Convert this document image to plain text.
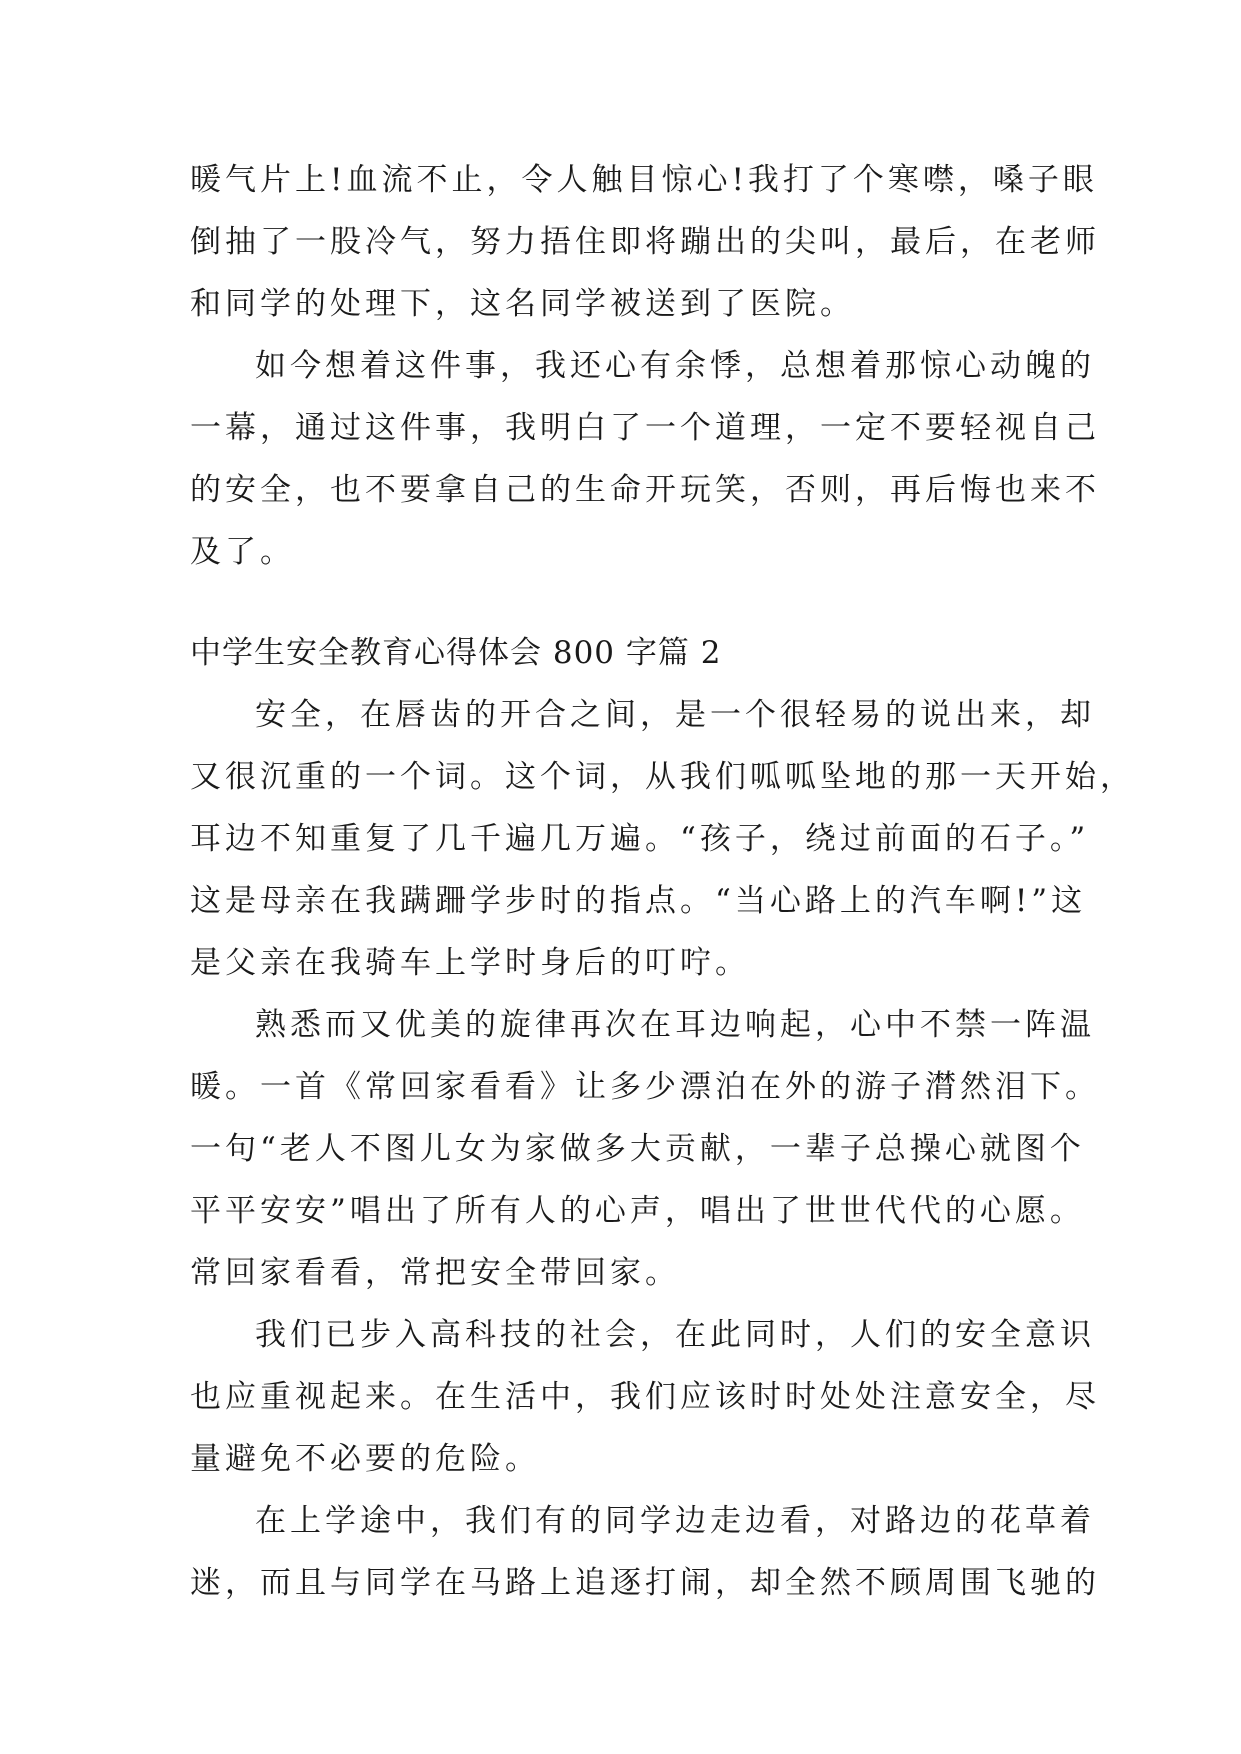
暖气片上!血流不止，令人触目惊心!我打了个寒噤，嗓子眼
倒抽了一股冷气，努力捂住即将蹦出的尖叫，最后，在老师
和同学的处理下，这名同学被送到了医院。
如今想着这件事，我还心有余悸，总想着那惊心动魄的
一幕，通过这件事，我明白了一个道理，一定不要轻视自己
的安全，也不要拿自己的生命开玩笑，否则，再后悔也来不
及了。
中学生安全教育心得体会 800 字篇 2
安全，在唇齿的开合之间，是一个很轻易的说出来，却
又很沉重的一个词。这个词，从我们呱呱坠地的那一天开始，
耳边不知重复了几千遍几万遍。“孩子，绕过前面的石子。”
这是母亲在我蹒跚学步时的指点。“当心路上的汽车啊!”这
是父亲在我骑车上学时身后的叮咛。
熟悉而又优美的旋律再次在耳边响起，心中不禁一阵温
暖。一首《常回家看看》让多少漂泊在外的游子潸然泪下。
一句“老人不图儿女为家做多大贡献，一辈子总操心就图个
平平安安”唱出了所有人的心声，唱出了世世代代的心愿。
常回家看看，常把安全带回家。
我们已步入高科技的社会，在此同时，人们的安全意识
也应重视起来。在生活中，我们应该时时处处注意安全，尽
量避免不必要的危险。
在上学途中，我们有的同学边走边看，对路边的花草着
迷，而且与同学在马路上追逐打闹，却全然不顾周围飞驰的
